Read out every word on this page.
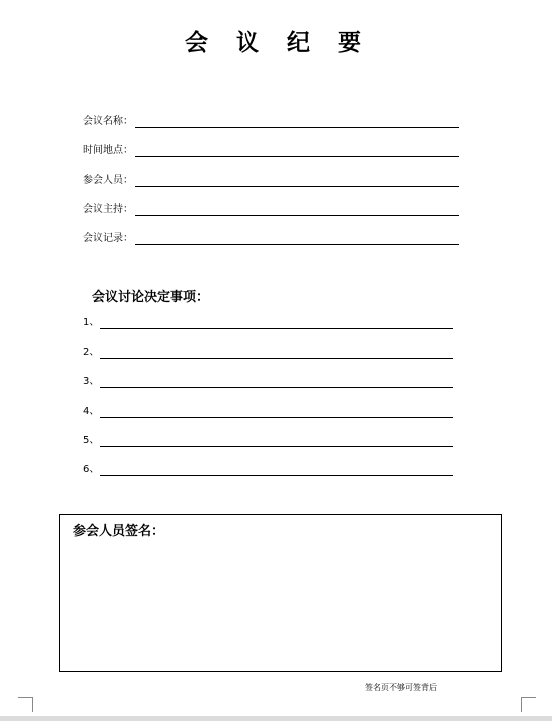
会 议 纪 要
会议名称：
时间地点：
参会人员：
会议主持：
会议记录：
会议讨论决定事项：
1、
2、
3、
4、
5、
6、
参会人员签名：
签名页不够可签背后
